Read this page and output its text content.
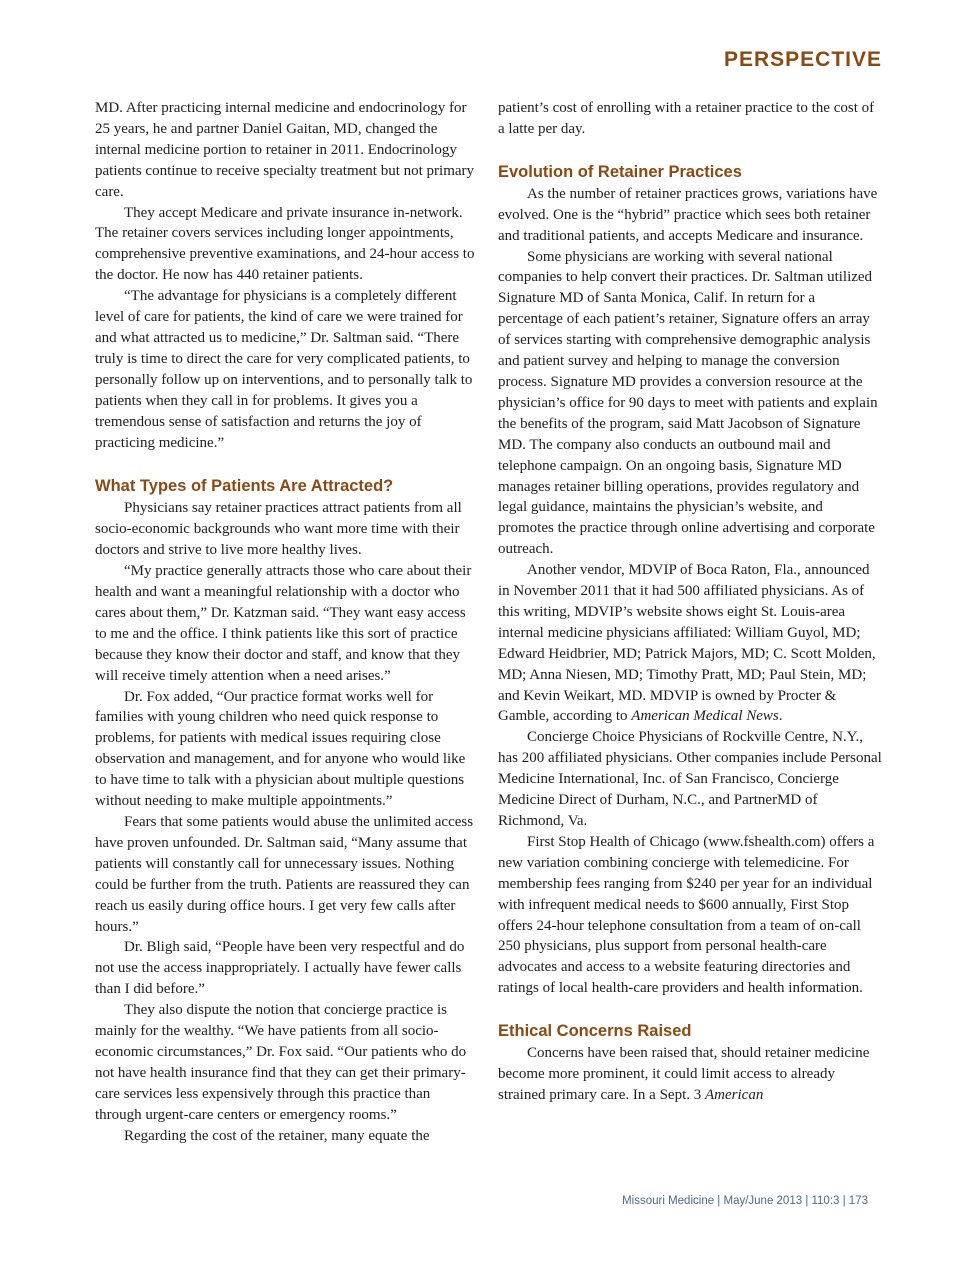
PERSPECTIVE

MD. After practicing internal medicine and endocrinology for 25 years, he and partner Daniel Gaitan, MD, changed the internal medicine portion to retainer in 2011. Endocrinology patients continue to receive specialty treatment but not primary care.

They accept Medicare and private insurance in-network. The retainer covers services including longer appointments, comprehensive preventive examinations, and 24-hour access to the doctor. He now has 440 retainer patients.

“The advantage for physicians is a completely different level of care for patients, the kind of care we were trained for and what attracted us to medicine,” Dr. Saltman said. “There truly is time to direct the care for very complicated patients, to personally follow up on interventions, and to personally talk to patients when they call in for problems. It gives you a tremendous sense of satisfaction and returns the joy of practicing medicine.”

What Types of Patients Are Attracted?

Physicians say retainer practices attract patients from all socio-economic backgrounds who want more time with their doctors and strive to live more healthy lives.

“My practice generally attracts those who care about their health and want a meaningful relationship with a doctor who cares about them,” Dr. Katzman said. “They want easy access to me and the office. I think patients like this sort of practice because they know their doctor and staff, and know that they will receive timely attention when a need arises.”

Dr. Fox added, “Our practice format works well for families with young children who need quick response to problems, for patients with medical issues requiring close observation and management, and for anyone who would like to have time to talk with a physician about multiple questions without needing to make multiple appointments.”

Fears that some patients would abuse the unlimited access have proven unfounded. Dr. Saltman said, “Many assume that patients will constantly call for unnecessary issues. Nothing could be further from the truth. Patients are reassured they can reach us easily during office hours. I get very few calls after hours.”

Dr. Bligh said, “People have been very respectful and do not use the access inappropriately. I actually have fewer calls than I did before.”

They also dispute the notion that concierge practice is mainly for the wealthy. “We have patients from all socio-economic circumstances,” Dr. Fox said. “Our patients who do not have health insurance find that they can get their primary-care services less expensively through this practice than through urgent-care centers or emergency rooms.”

Regarding the cost of the retainer, many equate the

patient’s cost of enrolling with a retainer practice to the cost of a latte per day.

Evolution of Retainer Practices

As the number of retainer practices grows, variations have evolved. One is the “hybrid” practice which sees both retainer and traditional patients, and accepts Medicare and insurance.

Some physicians are working with several national companies to help convert their practices. Dr. Saltman utilized Signature MD of Santa Monica, Calif. In return for a percentage of each patient’s retainer, Signature offers an array of services starting with comprehensive demographic analysis and patient survey and helping to manage the conversion process. Signature MD provides a conversion resource at the physician’s office for 90 days to meet with patients and explain the benefits of the program, said Matt Jacobson of Signature MD. The company also conducts an outbound mail and telephone campaign. On an ongoing basis, Signature MD manages retainer billing operations, provides regulatory and legal guidance, maintains the physician’s website, and promotes the practice through online advertising and corporate outreach.

Another vendor, MDVIP of Boca Raton, Fla., announced in November 2011 that it had 500 affiliated physicians. As of this writing, MDVIP’s website shows eight St. Louis-area internal medicine physicians affiliated: William Guyol, MD; Edward Heidbrier, MD; Patrick Majors, MD; C. Scott Molden, MD; Anna Niesen, MD; Timothy Pratt, MD; Paul Stein, MD; and Kevin Weikart, MD. MDVIP is owned by Procter & Gamble, according to American Medical News.

Concierge Choice Physicians of Rockville Centre, N.Y., has 200 affiliated physicians. Other companies include Personal Medicine International, Inc. of San Francisco, Concierge Medicine Direct of Durham, N.C., and PartnerMD of Richmond, Va.

First Stop Health of Chicago (www.fshealth.com) offers a new variation combining concierge with telemedicine. For membership fees ranging from $240 per year for an individual with infrequent medical needs to $600 annually, First Stop offers 24-hour telephone consultation from a team of on-call 250 physicians, plus support from personal health-care advocates and access to a website featuring directories and ratings of local health-care providers and health information.

Ethical Concerns Raised

Concerns have been raised that, should retainer medicine become more prominent, it could limit access to already strained primary care. In a Sept. 3 American

Missouri Medicine | May/June 2013 | 110:3 | 173
